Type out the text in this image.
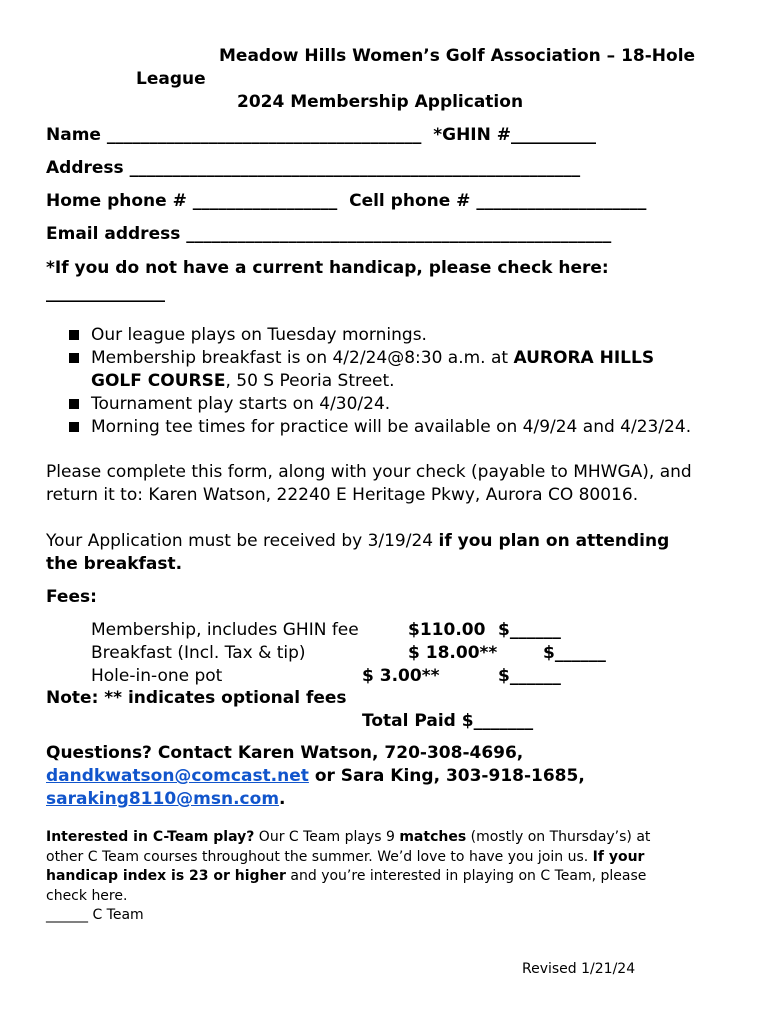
Meadow Hills Women’s Golf Association – 18-Hole

League

2024 Membership Application

Name _____________________________________ *GHIN #__________

Address _____________________________________________________

Home phone # _________________ Cell phone # ____________________

Email address __________________________________________________

*If you do not have a current handicap, please check here:

______________

Our league plays on Tuesday mornings.
Membership breakfast is on 4/2/24@8:30 a.m. at AURORA HILLS
GOLF COURSE, 50 S Peoria Street.
Tournament play starts on 4/30/24.
Morning tee times for practice will be available on 4/9/24 and 4/23/24.

Please complete this form, along with your check (payable to MHWGA), and

return it to: Karen Watson, 22240 E Heritage Pkwy, Aurora CO 80016.

Your Application must be received by 3/19/24 if you plan on attending

the breakfast.

Fees:

Membership, includes GHIN fee	$110.00 $______

Breakfast (Incl. Tax & tip)	$ 18.00**	$______

Hole-in-one pot	$ 3.00**	$______

Note: ** indicates optional fees

Total Paid $_______

Questions? Contact Karen Watson, 720-308-4696,

dandkwatson@comcast.net or Sara King, 303-918-1685,

saraking8110@msn.com.

Interested in C-Team play? Our C Team plays 9 matches (mostly on Thursday’s) at

other C Team courses throughout the summer. We’d love to have you join us. If your

handicap index is 23 or higher and you’re interested in playing on C Team, please

check here.

______ C Team

Revised 1/21/24
